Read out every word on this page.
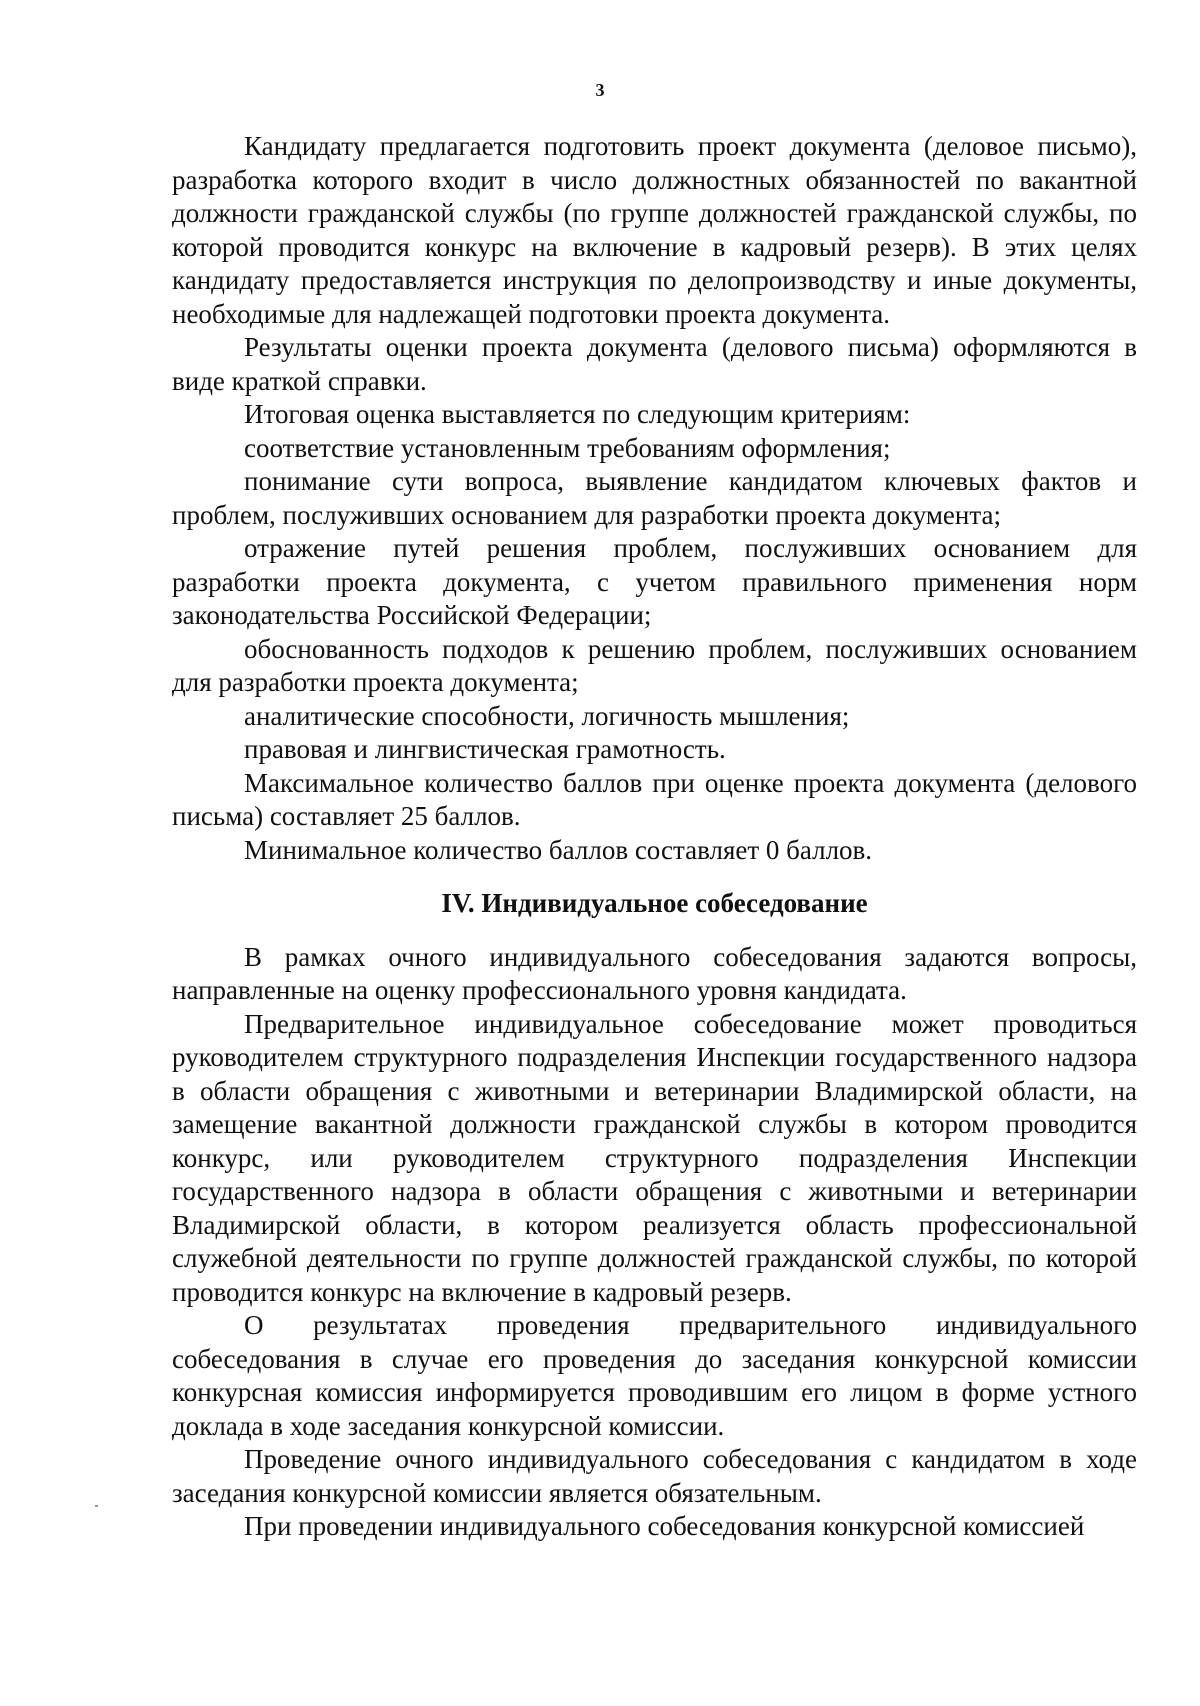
3

Кандидату предлагается подготовить проект документа (деловое письмо), разработка которого входит в число должностных обязанностей по вакантной должности гражданской службы (по группе должностей гражданской службы, по которой проводится конкурс на включение в кадровый резерв). В этих целях кандидату предоставляется инструкция по делопроизводству и иные документы, необходимые для надлежащей подготовки проекта документа.

Результаты оценки проекта документа (делового письма) оформляются в виде краткой справки.

Итоговая оценка выставляется по следующим критериям:

соответствие установленным требованиям оформления;

понимание сути вопроса, выявление кандидатом ключевых фактов и проблем, послуживших основанием для разработки проекта документа;

отражение путей решения проблем, послуживших основанием для разработки проекта документа, с учетом правильного применения норм законодательства Российской Федерации;

обоснованность подходов к решению проблем, послуживших основанием для разработки проекта документа;

аналитические способности, логичность мышления;

правовая и лингвистическая грамотность.

Максимальное количество баллов при оценке проекта документа (делового письма) составляет 25 баллов.

Минимальное количество баллов составляет 0 баллов.

IV. Индивидуальное собеседование

В рамках очного индивидуального собеседования задаются вопросы, направленные на оценку профессионального уровня кандидата.

Предварительное индивидуальное собеседование может проводиться руководителем структурного подразделения Инспекции государственного надзора в области обращения с животными и ветеринарии Владимирской области, на замещение вакантной должности гражданской службы в котором проводится конкурс, или руководителем структурного подразделения Инспекции государственного надзора в области обращения с животными и ветеринарии Владимирской области, в котором реализуется область профессиональной служебной деятельности по группе должностей гражданской службы, по которой проводится конкурс на включение в кадровый резерв.

О результатах проведения предварительного индивидуального собеседования в случае его проведения до заседания конкурсной комиссии конкурсная комиссия информируется проводившим его лицом в форме устного доклада в ходе заседания конкурсной комиссии.

Проведение очного индивидуального собеседования с кандидатом в ходе заседания конкурсной комиссии является обязательным.

При проведении индивидуального собеседования конкурсной комиссией
